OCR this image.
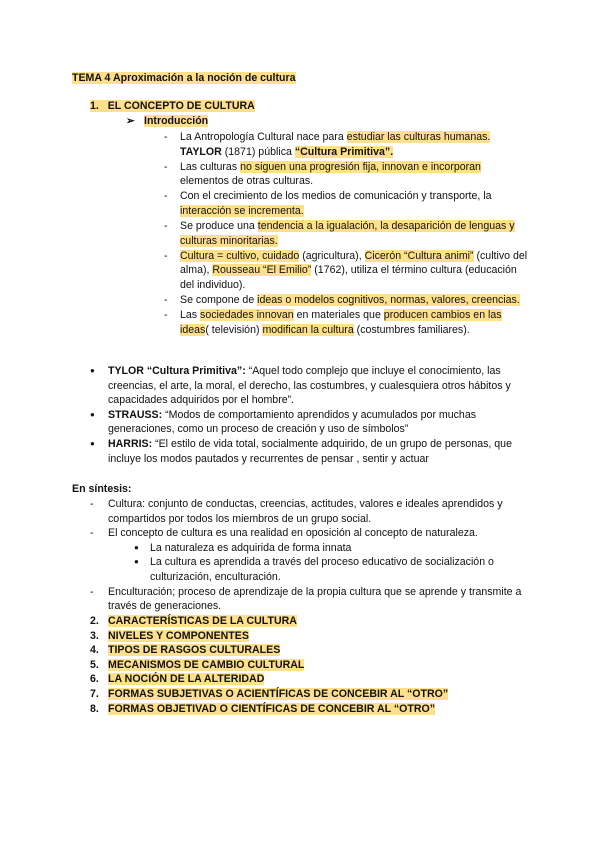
TEMA 4 Aproximación a la noción de cultura
1. EL CONCEPTO DE CULTURA
➢ Introducción
- La Antropología Cultural nace para estudiar las culturas humanas. TAYLOR (1871) pública “Cultura Primitiva”.
- Las culturas no siguen una progresión fija, innovan e incorporan elementos de otras culturas.
- Con el crecimiento de los medios de comunicación y transporte, la interacción se incrementa.
- Se produce una tendencia a la igualación, la desaparición de lenguas y culturas minoritarias.
- Cultura = cultivo, cuidado (agricultura), Cicerón “Cultura animi” (cultivo del alma), Rousseau “El Emilio” (1762), utiliza el término cultura (educación del individuo).
- Se compone de ideas o modelos cognitivos, normas, valores, creencias.
- Las sociedades innovan en materiales que producen cambios en las ideas( televisión) modifican la cultura (costumbres familiares).
● TYLOR “Cultura Primitiva”: “Aquel todo complejo que incluye el conocimiento, las creencias, el arte, la moral, el derecho, las costumbres, y cualesquiera otros hábitos y capacidades adquiridos por el hombre”.
● STRAUSS: “Modos de comportamiento aprendidos y acumulados por muchas generaciones, como un proceso de creación y uso de símbolos”
● HARRIS: “El estilo de vida total, socialmente adquirido, de un grupo de personas, que incluye los modos pautados y recurrentes de pensar , sentir y actuar
En síntesis:
- Cultura: conjunto de conductas, creencias, actitudes, valores e ideales aprendidos y compartidos por todos los miembros de un grupo social.
- El concepto de cultura es una realidad en oposición al concepto de naturaleza.
● La naturaleza es adquirida de forma innata
● La cultura es aprendida a través del proceso educativo de socialización o culturización, enculturación.
- Enculturación; proceso de aprendizaje de la propia cultura que se aprende y transmite a través de generaciones.
2. CARACTERÍSTICAS DE LA CULTURA
3. NIVELES Y COMPONENTES
4. TIPOS DE RASGOS CULTURALES
5. MECANISMOS DE CAMBIO CULTURAL
6. LA NOCIÓN DE LA ALTERIDAD
7. FORMAS SUBJETIVAS O ACIENTÍFICAS DE CONCEBIR AL “OTRO”
8. FORMAS OBJETIVAD O CIENTÍFICAS DE CONCEBIR AL “OTRO”
